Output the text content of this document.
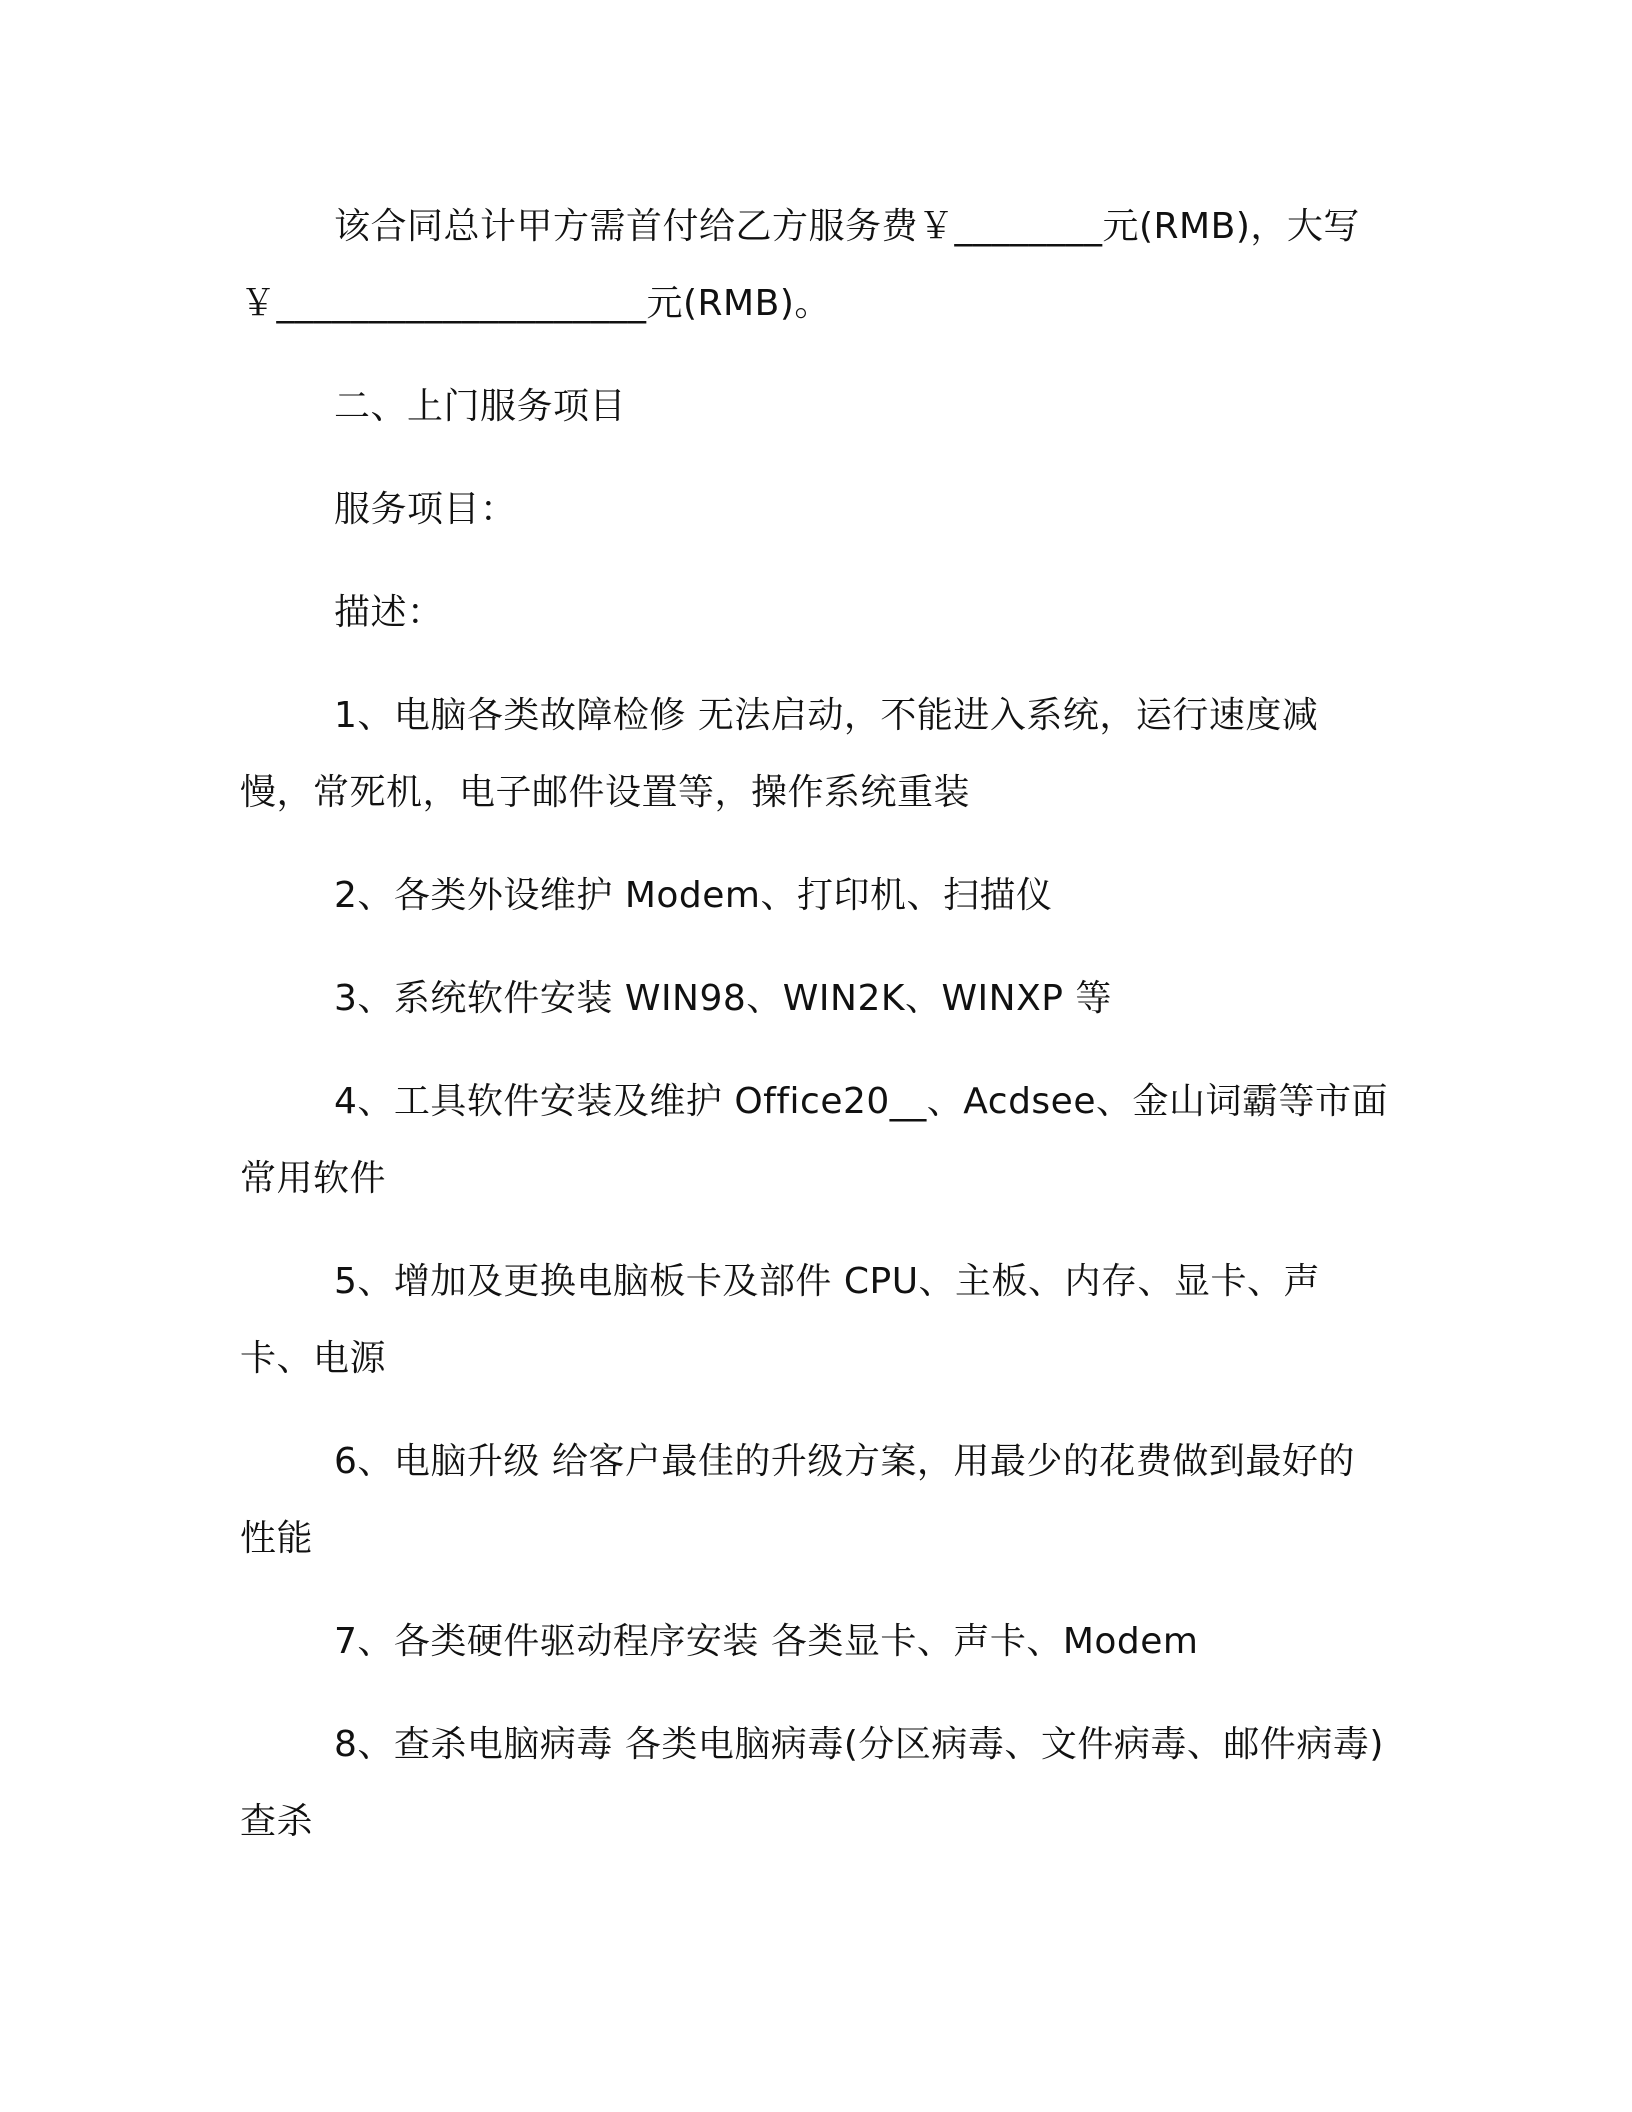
该合同总计甲方需首付给乙方服务费￥________元(RMB)，大写￥____________________元(RMB)。

二、上门服务项目

服务项目：

描述：

1、电脑各类故障检修 无法启动，不能进入系统，运行速度减慢，常死机，电子邮件设置等，操作系统重装

2、各类外设维护 Modem、打印机、扫描仪

3、系统软件安装 WIN98、WIN2K、WINXP 等

4、工具软件安装及维护 Office20__、Acdsee、金山词霸等市面常用软件

5、增加及更换电脑板卡及部件 CPU、主板、内存、显卡、声卡、电源

6、电脑升级 给客户最佳的升级方案，用最少的花费做到最好的性能

7、各类硬件驱动程序安装 各类显卡、声卡、Modem

8、查杀电脑病毒 各类电脑病毒(分区病毒、文件病毒、邮件病毒)查杀
